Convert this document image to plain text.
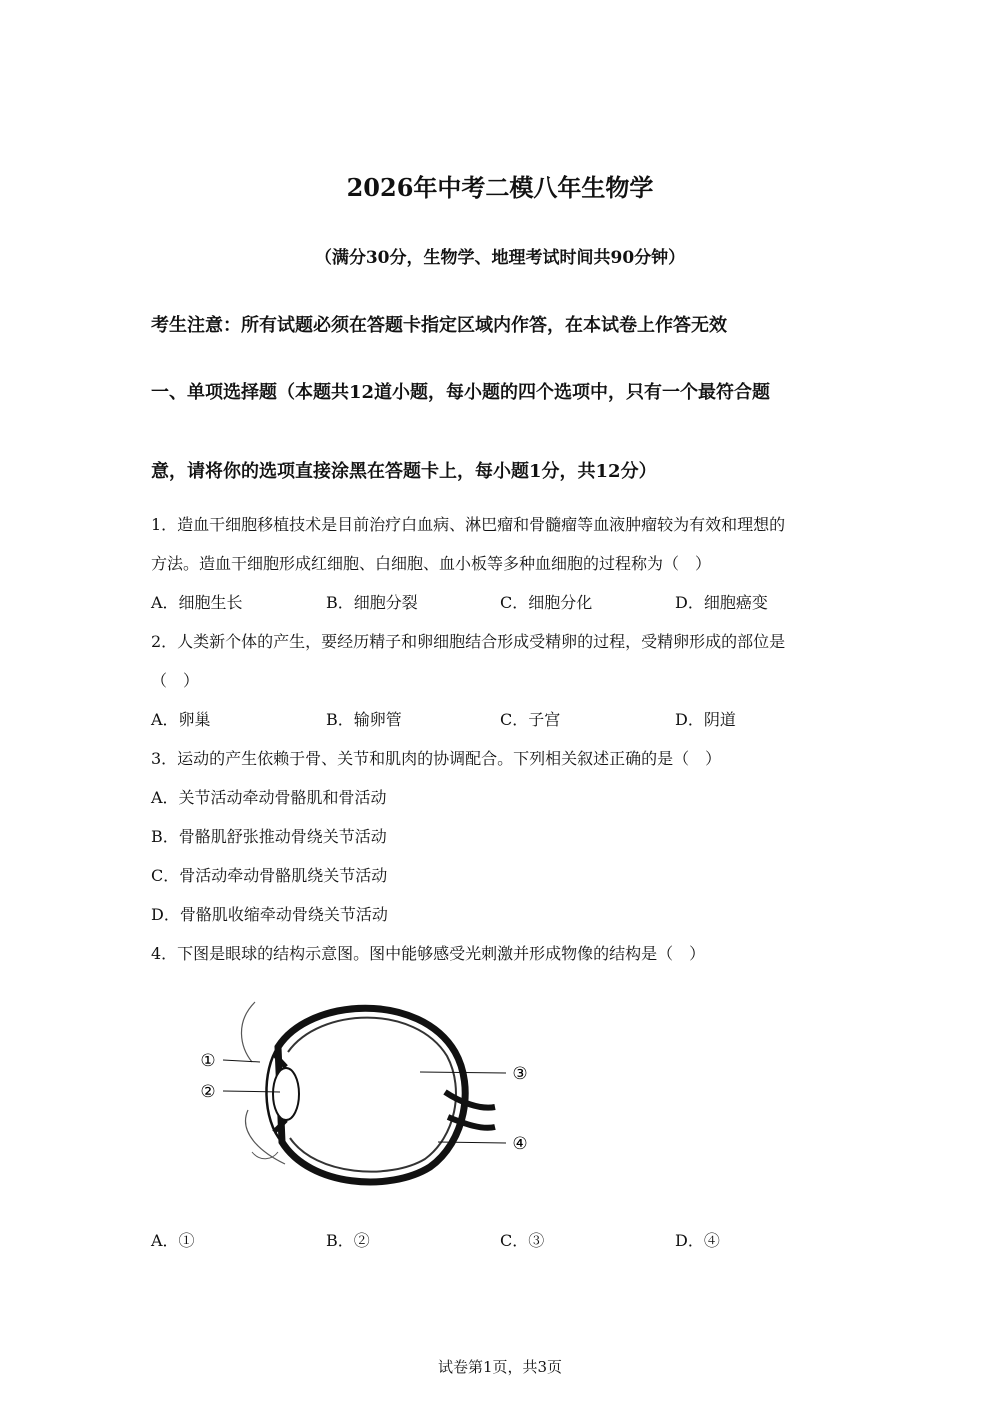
2026年中考二模八年生物学
（满分30分，生物学、地理考试时间共90分钟）
考生注意：所有试题必须在答题卡指定区域内作答，在本试卷上作答无效
一、单项选择题（本题共12道小题，每小题的四个选项中，只有一个最符合题
意，请将你的选项直接涂黑在答题卡上，每小题1分，共12分）
1．造血干细胞移植技术是目前治疗白血病、淋巴瘤和骨髓瘤等血液肿瘤较为有效和理想的
方法。造血干细胞形成红细胞、白细胞、血小板等多种血细胞的过程称为（　）
A．细胞生长	B．细胞分裂	C．细胞分化	D．细胞癌变
2．人类新个体的产生，要经历精子和卵细胞结合形成受精卵的过程，受精卵形成的部位是
（　）
A．卵巢	B．输卵管	C．子宫	D．阴道
3．运动的产生依赖于骨、关节和肌肉的协调配合。下列相关叙述正确的是（　）
A．关节活动牵动骨骼肌和骨活动
B．骨骼肌舒张推动骨绕关节活动
C．骨活动牵动骨骼肌绕关节活动
D．骨骼肌收缩牵动骨绕关节活动
4．下图是眼球的结构示意图。图中能够感受光刺激并形成物像的结构是（　）
①
②
③
④
A．①	B．②	C．③	D．④
试卷第1页，共3页
